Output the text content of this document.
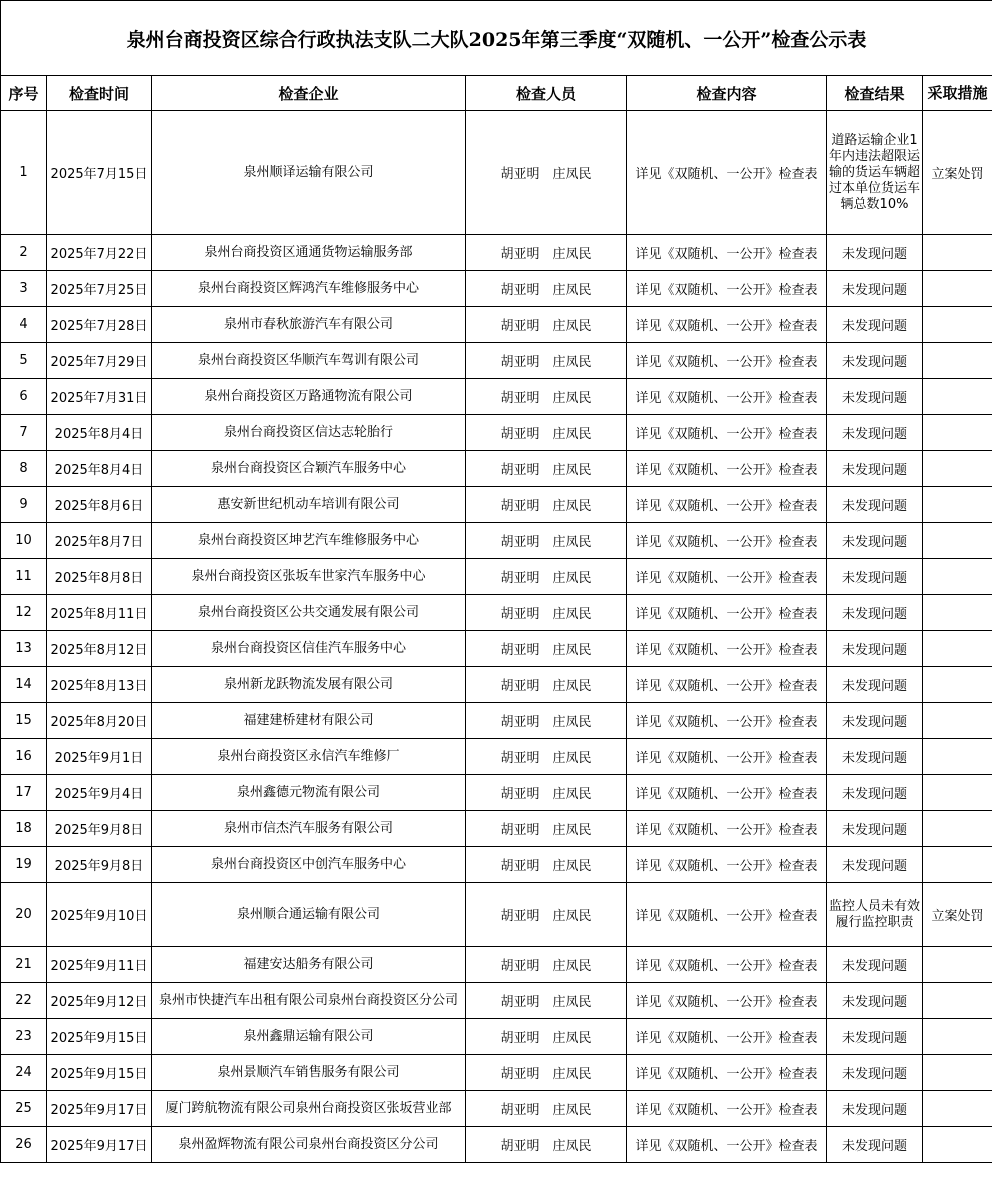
泉州台商投资区综合行政执法支队二大队2025年第三季度“双随机、一公开”检查公示表						
序号	检查时间	检查企业	检查人员	检查内容	检查结果	采取措施
1	2025年7月15日	泉州顺译运输有限公司	胡亚明　庄凤民	详见《双随机、一公开》检查表	道路运输企业1年内违法超限运输的货运车辆超过本单位货运车辆总数10%	立案处罚
2	2025年7月22日	泉州台商投资区通通货物运输服务部	胡亚明　庄凤民	详见《双随机、一公开》检查表	未发现问题	
3	2025年7月25日	泉州台商投资区辉鸿汽车维修服务中心	胡亚明　庄凤民	详见《双随机、一公开》检查表	未发现问题	
4	2025年7月28日	泉州市春秋旅游汽车有限公司	胡亚明　庄凤民	详见《双随机、一公开》检查表	未发现问题	
5	2025年7月29日	泉州台商投资区华顺汽车驾训有限公司	胡亚明　庄凤民	详见《双随机、一公开》检查表	未发现问题	
6	2025年7月31日	泉州台商投资区万路通物流有限公司	胡亚明　庄凤民	详见《双随机、一公开》检查表	未发现问题	
7	2025年8月4日	泉州台商投资区信达志轮胎行	胡亚明　庄凤民	详见《双随机、一公开》检查表	未发现问题	
8	2025年8月4日	泉州台商投资区合颖汽车服务中心	胡亚明　庄凤民	详见《双随机、一公开》检查表	未发现问题	
9	2025年8月6日	惠安新世纪机动车培训有限公司	胡亚明　庄凤民	详见《双随机、一公开》检查表	未发现问题	
10	2025年8月7日	泉州台商投资区坤艺汽车维修服务中心	胡亚明　庄凤民	详见《双随机、一公开》检查表	未发现问题	
11	2025年8月8日	泉州台商投资区张坂车世家汽车服务中心	胡亚明　庄凤民	详见《双随机、一公开》检查表	未发现问题	
12	2025年8月11日	泉州台商投资区公共交通发展有限公司	胡亚明　庄凤民	详见《双随机、一公开》检查表	未发现问题	
13	2025年8月12日	泉州台商投资区信佳汽车服务中心	胡亚明　庄凤民	详见《双随机、一公开》检查表	未发现问题	
14	2025年8月13日	泉州新龙跃物流发展有限公司	胡亚明　庄凤民	详见《双随机、一公开》检查表	未发现问题	
15	2025年8月20日	福建建桥建材有限公司	胡亚明　庄凤民	详见《双随机、一公开》检查表	未发现问题	
16	2025年9月1日	泉州台商投资区永信汽车维修厂	胡亚明　庄凤民	详见《双随机、一公开》检查表	未发现问题	
17	2025年9月4日	泉州鑫德元物流有限公司	胡亚明　庄凤民	详见《双随机、一公开》检查表	未发现问题	
18	2025年9月8日	泉州市信杰汽车服务有限公司	胡亚明　庄凤民	详见《双随机、一公开》检查表	未发现问题	
19	2025年9月8日	泉州台商投资区中创汽车服务中心	胡亚明　庄凤民	详见《双随机、一公开》检查表	未发现问题	
20	2025年9月10日	泉州顺合通运输有限公司	胡亚明　庄凤民	详见《双随机、一公开》检查表	监控人员未有效履行监控职责	立案处罚
21	2025年9月11日	福建安达船务有限公司	胡亚明　庄凤民	详见《双随机、一公开》检查表	未发现问题	
22	2025年9月12日	泉州市快捷汽车出租有限公司泉州台商投资区分公司	胡亚明　庄凤民	详见《双随机、一公开》检查表	未发现问题	
23	2025年9月15日	泉州鑫鼎运输有限公司	胡亚明　庄凤民	详见《双随机、一公开》检查表	未发现问题	
24	2025年9月15日	泉州景顺汽车销售服务有限公司	胡亚明　庄凤民	详见《双随机、一公开》检查表	未发现问题	
25	2025年9月17日	厦门跨航物流有限公司泉州台商投资区张坂营业部	胡亚明　庄凤民	详见《双随机、一公开》检查表	未发现问题	
26	2025年9月17日	泉州盈辉物流有限公司泉州台商投资区分公司	胡亚明　庄凤民	详见《双随机、一公开》检查表	未发现问题	
